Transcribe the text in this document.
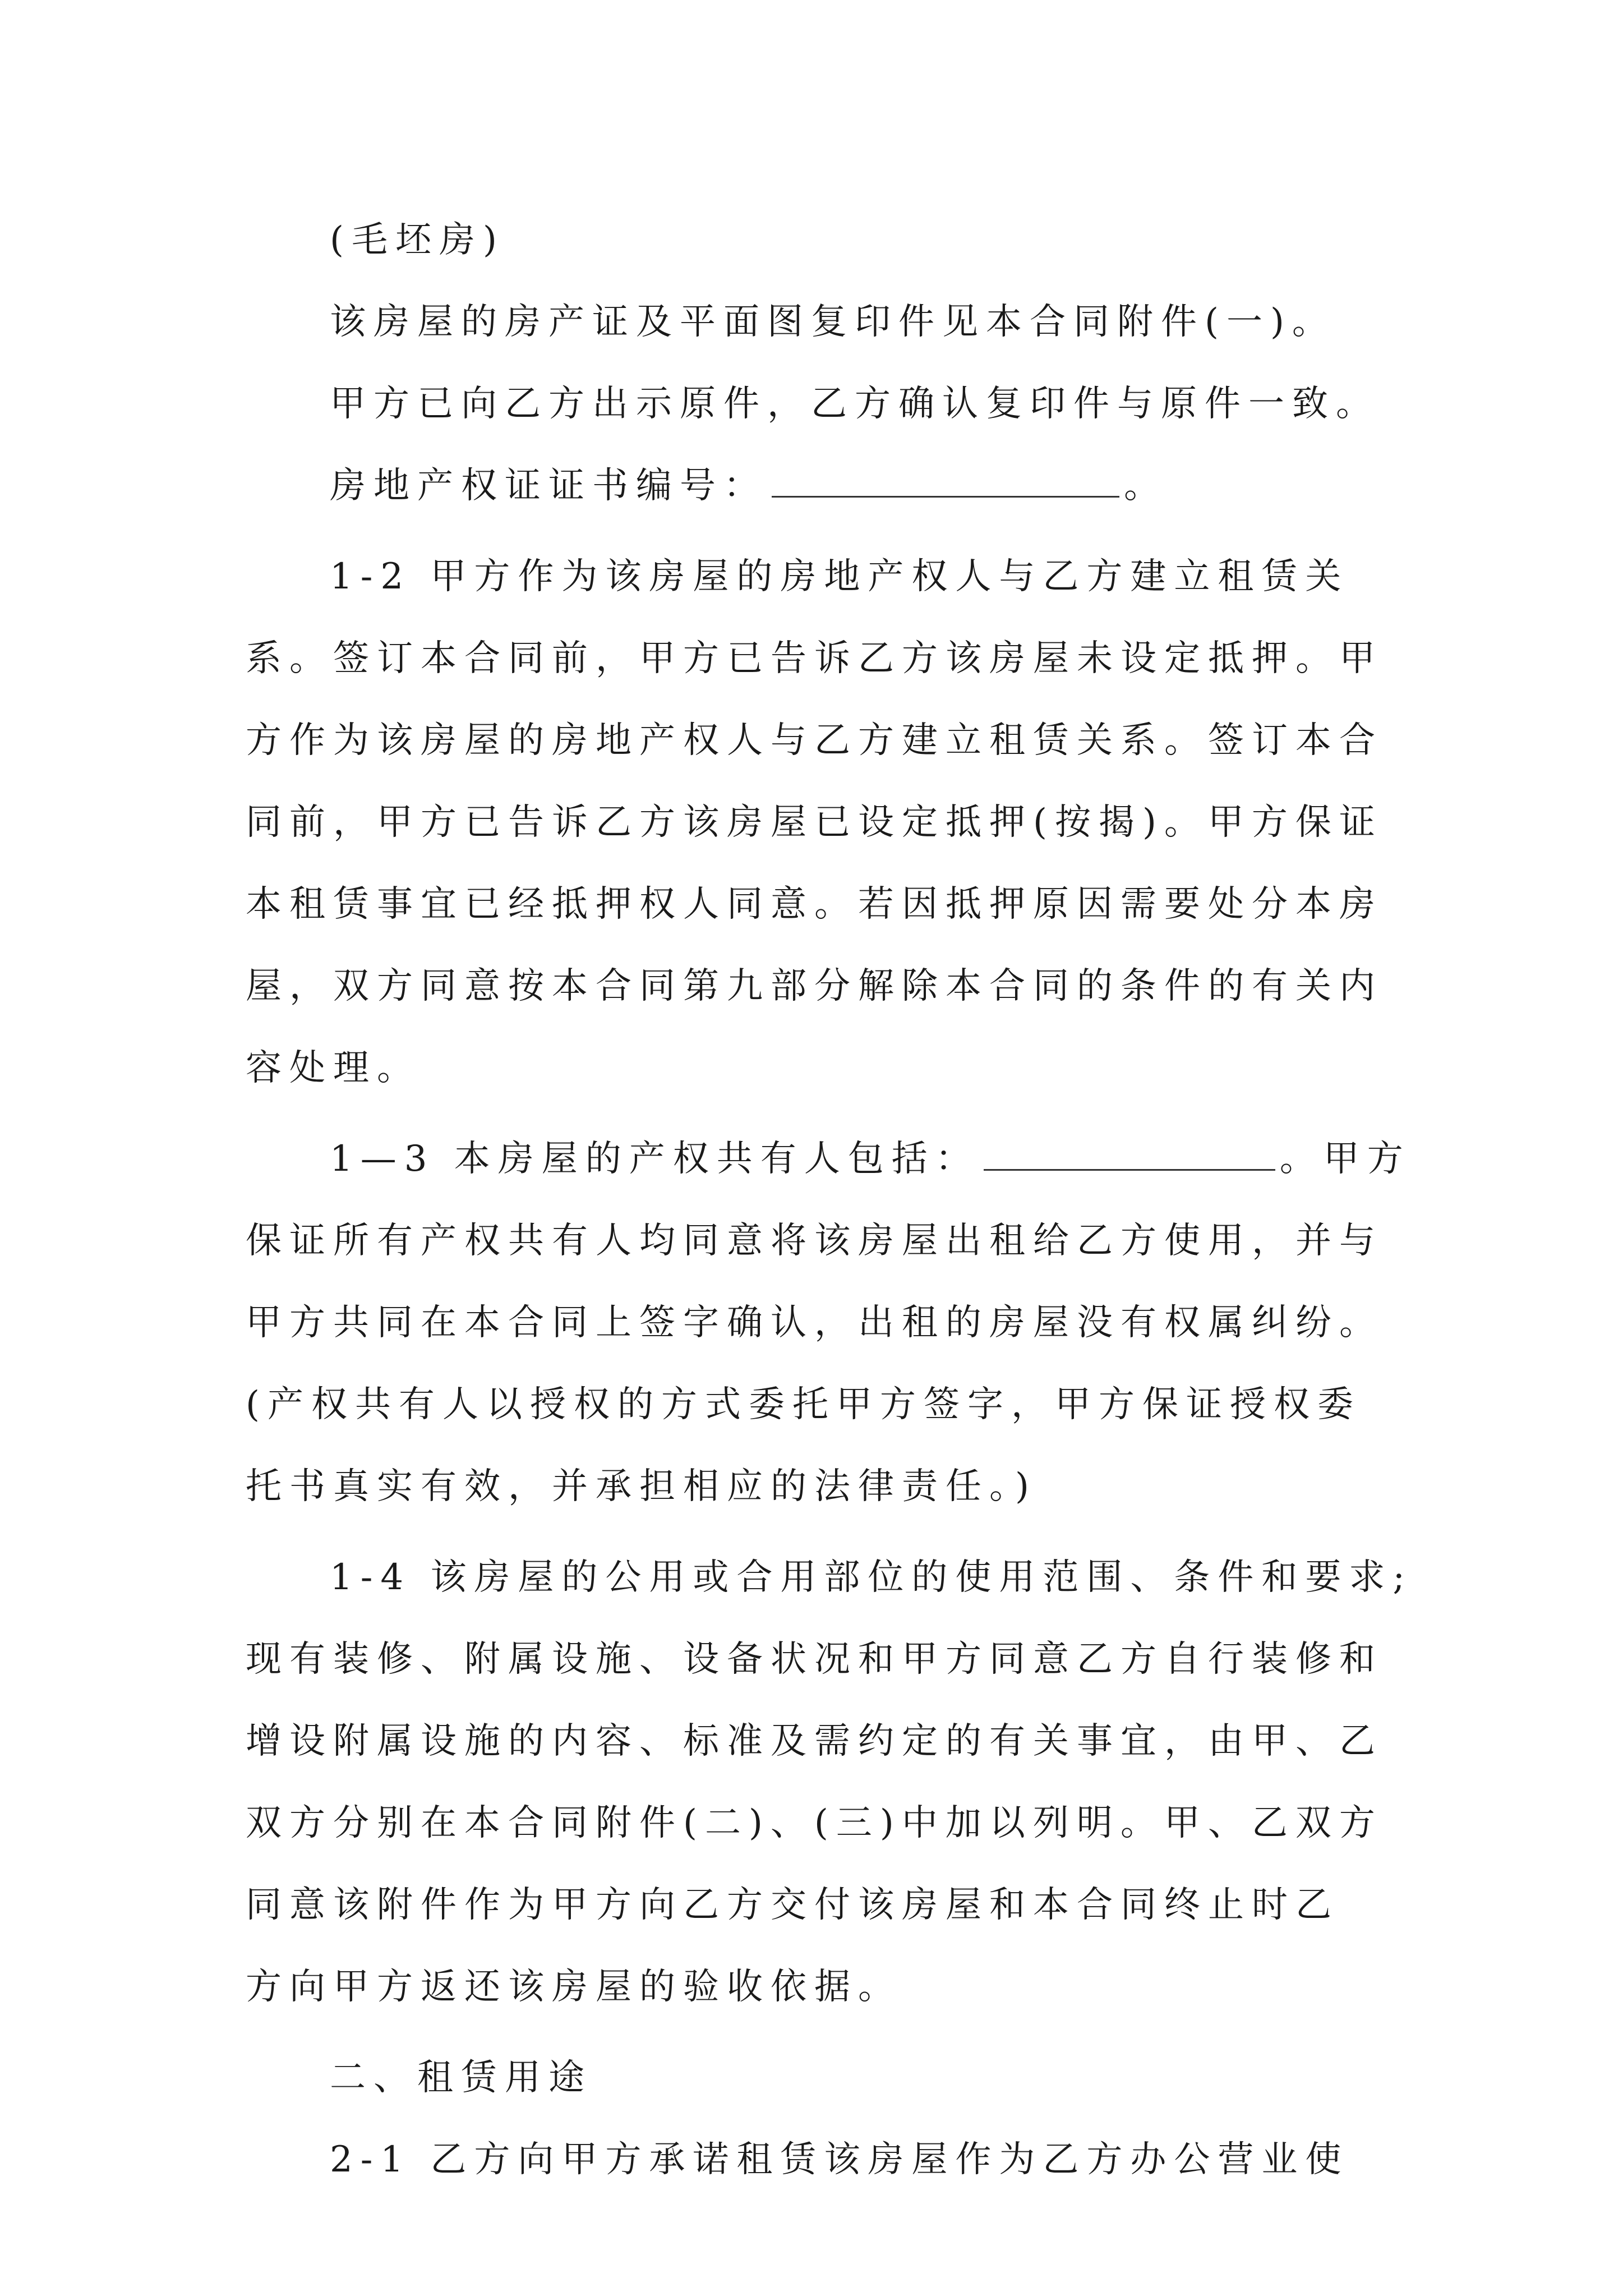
(毛坯房)
该房屋的房产证及平面图复印件见本合同附件(一)。
甲方已向乙方出示原件，乙方确认复印件与原件一致。
房地产权证证书编号：	。
1-2 甲方作为该房屋的房地产权人与乙方建立租赁关
系。签订本合同前，甲方已告诉乙方该房屋未设定抵押。甲
方作为该房屋的房地产权人与乙方建立租赁关系。签订本合
同前，甲方已告诉乙方该房屋已设定抵押(按揭)。甲方保证
本租赁事宜已经抵押权人同意。若因抵押原因需要处分本房
屋，双方同意按本合同第九部分解除本合同的条件的有关内
容处理。
1—3 本房屋的产权共有人包括：	。甲方
保证所有产权共有人均同意将该房屋出租给乙方使用，并与
甲方共同在本合同上签字确认，出租的房屋没有权属纠纷。
(产权共有人以授权的方式委托甲方签字，甲方保证授权委
托书真实有效，并承担相应的法律责任。)
1-4 该房屋的公用或合用部位的使用范围、条件和要求;
现有装修、附属设施、设备状况和甲方同意乙方自行装修和
增设附属设施的内容、标准及需约定的有关事宜，由甲、乙
双方分别在本合同附件(二)、(三)中加以列明。甲、乙双方
同意该附件作为甲方向乙方交付该房屋和本合同终止时乙
方向甲方返还该房屋的验收依据。
二、租赁用途
2-1 乙方向甲方承诺租赁该房屋作为乙方办公营业使
